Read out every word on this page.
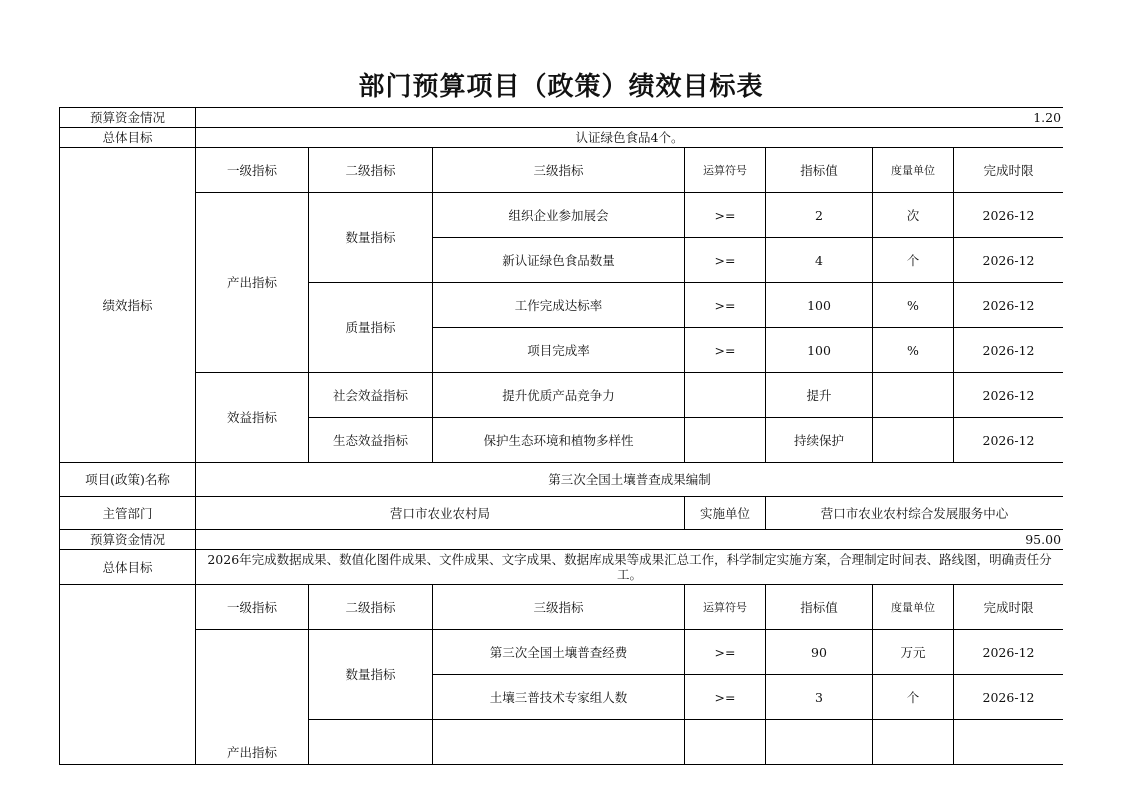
部门预算项目（政策）绩效目标表
预算资金情况	1.20						
总体目标	认证绿色食品4个。						
绩效指标	一级指标	二级指标	三级指标	运算符号	指标值	度量单位	完成时限
	产出指标	数量指标	组织企业参加展会	>=	2	次	2026-12
			新认证绿色食品数量	>=	4	个	2026-12
		质量指标	工作完成达标率	>=	100	%	2026-12
			项目完成率	>=	100	%	2026-12
	效益指标	社会效益指标	提升优质产品竞争力		提升		2026-12
		生态效益指标	保护生态环境和植物多样性		持续保护		2026-12
项目(政策)名称	第三次全国土壤普查成果编制						
主管部门	营口市农业农村局			实施单位	营口市农业农村综合发展服务中心		
预算资金情况	95.00						
总体目标	2026年完成数据成果、数值化图件成果、文件成果、文字成果、数据库成果等成果汇总工作，科学制定实施方案，合理制定时间表、路线图，明确责任分工。						
	一级指标	二级指标	三级指标	运算符号	指标值	度量单位	完成时限
	产出指标	数量指标	第三次全国土壤普查经费	>=	90	万元	2026-12
			土壤三普技术专家组人数	>=	3	个	2026-12
